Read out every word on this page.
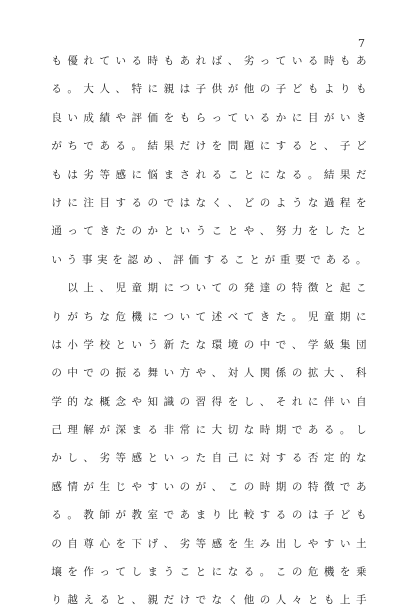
7
も 優 れ て い る 時 も あ れ ば 、 劣 っ て い る 時 も あ
る 。 大 人 、 特 に 親 は 子 供 が 他 の 子 ど も よ り も
良 い 成 績 や 評 価 を も ら っ て い る か に 目 が い き
が ち で あ る 。 結 果 だ け を 問 題 に す る と 、 子 ど
も は 劣 等 感 に 悩 ま さ れ る こ と に な る 。 結 果 だ
け に 注 目 す る の で は な く 、 ど の よ う な 過 程 を
通 っ て き た の か と い う こ と や 、 努 力 を し た と
い う 事 実 を 認 め 、 評 価 す る こ と が 重 要 で あ る 。

以 上 、 児 童 期 に つ い て の 発 達 の 特 徴 と 起 こ
り が ち な 危 機 に つ い て 述 べ て き た 。 児 童 期 に
は 小 学 校 と い う 新 た な 環 境 の 中 で 、 学 級 集 団
の 中 で の 振 る 舞 い 方 や 、 対 人 関 係 の 拡 大 、 科
学 的 な 概 念 や 知 識 の 習 得 を し 、 そ れ に 伴 い 自
己 理 解 が 深 ま る 非 常 に 大 切 な 時 期 で あ る 。 し
か し 、 劣 等 感 と い っ た 自 己 に 対 す る 否 定 的 な
感 情 が 生 じ や す い の が 、 こ の 時 期 の 特 徴 で あ
る 。 教 師 が 教 室 で あ ま り 比 較 す る の は 子 ど も
の 自 尊 心 を 下 げ 、 劣 等 感 を 生 み 出 し や す い 土
壌 を 作 っ て し ま う こ と に な る 。 こ の 危 機 を 乗
り 越 え る と 、 親 だ け で な く 他 の 人 々 と も 上 手
